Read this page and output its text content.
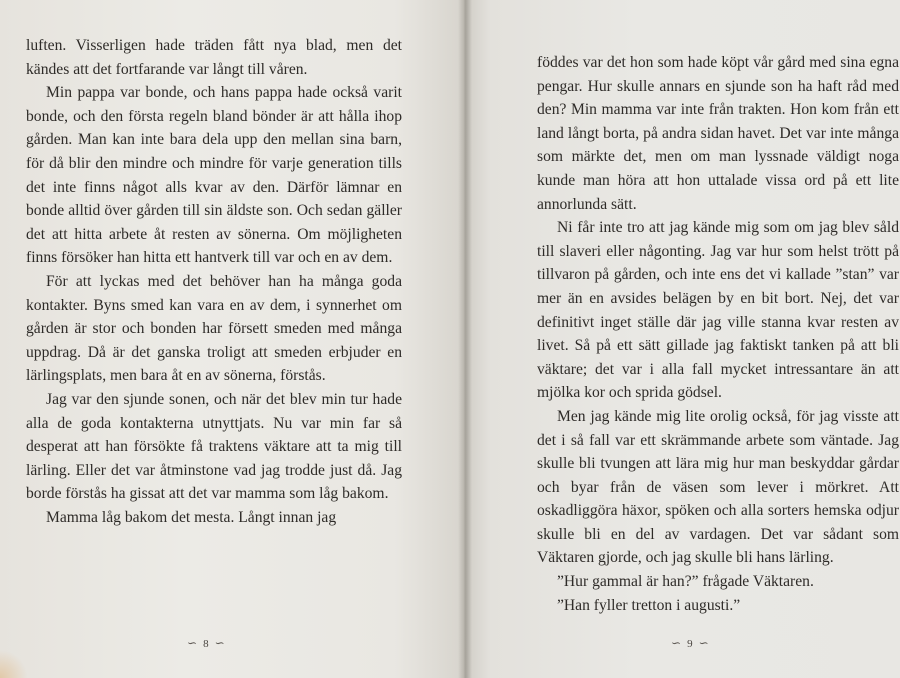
luften. Visserligen hade träden fått nya blad, men det kändes att det fortfarande var långt till våren.

Min pappa var bonde, och hans pappa hade också varit bonde, och den första regeln bland bönder är att hålla ihop gården. Man kan inte bara dela upp den mellan sina barn, för då blir den mindre och mindre för varje generation tills det inte finns något alls kvar av den. Därför lämnar en bonde alltid över gården till sin äldste son. Och sedan gäller det att hitta arbete åt resten av sönerna. Om möjligheten finns försöker han hitta ett hantverk till var och en av dem.

För att lyckas med det behöver han ha många goda kontakter. Byns smed kan vara en av dem, i synnerhet om gården är stor och bonden har försett smeden med många uppdrag. Då är det ganska troligt att smeden erbjuder en lärlingsplats, men bara åt en av sönerna, förstås.

Jag var den sjunde sonen, och när det blev min tur hade alla de goda kontakterna utnyttjats. Nu var min far så desperat att han försökte få traktens väktare att ta mig till lärling. Eller det var åtminstone vad jag trodde just då. Jag borde förstås ha gissat att det var mamma som låg bakom.

Mamma låg bakom det mesta. Långt innan jag

∽ 8 ∽

föddes var det hon som hade köpt vår gård med sina egna pengar. Hur skulle annars en sjunde son ha haft råd med den? Min mamma var inte från trakten. Hon kom från ett land långt borta, på andra sidan havet. Det var inte många som märkte det, men om man lyssnade väldigt noga kunde man höra att hon uttalade vissa ord på ett lite annorlunda sätt.

Ni får inte tro att jag kände mig som om jag blev såld till slaveri eller någonting. Jag var hur som helst trött på tillvaron på gården, och inte ens det vi kallade ”stan” var mer än en avsides belägen by en bit bort. Nej, det var definitivt inget ställe där jag ville stanna kvar resten av livet. Så på ett sätt gillade jag faktiskt tanken på att bli väktare; det var i alla fall mycket intressantare än att mjölka kor och sprida gödsel.

Men jag kände mig lite orolig också, för jag visste att det i så fall var ett skrämmande arbete som väntade. Jag skulle bli tvungen att lära mig hur man beskyddar gårdar och byar från de väsen som lever i mörkret. Att oskadliggöra häxor, spöken och alla sorters hemska odjur skulle bli en del av vardagen. Det var sådant som Väktaren gjorde, och jag skulle bli hans lärling.

”Hur gammal är han?” frågade Väktaren.

”Han fyller tretton i augusti.”

∽ 9 ∽
